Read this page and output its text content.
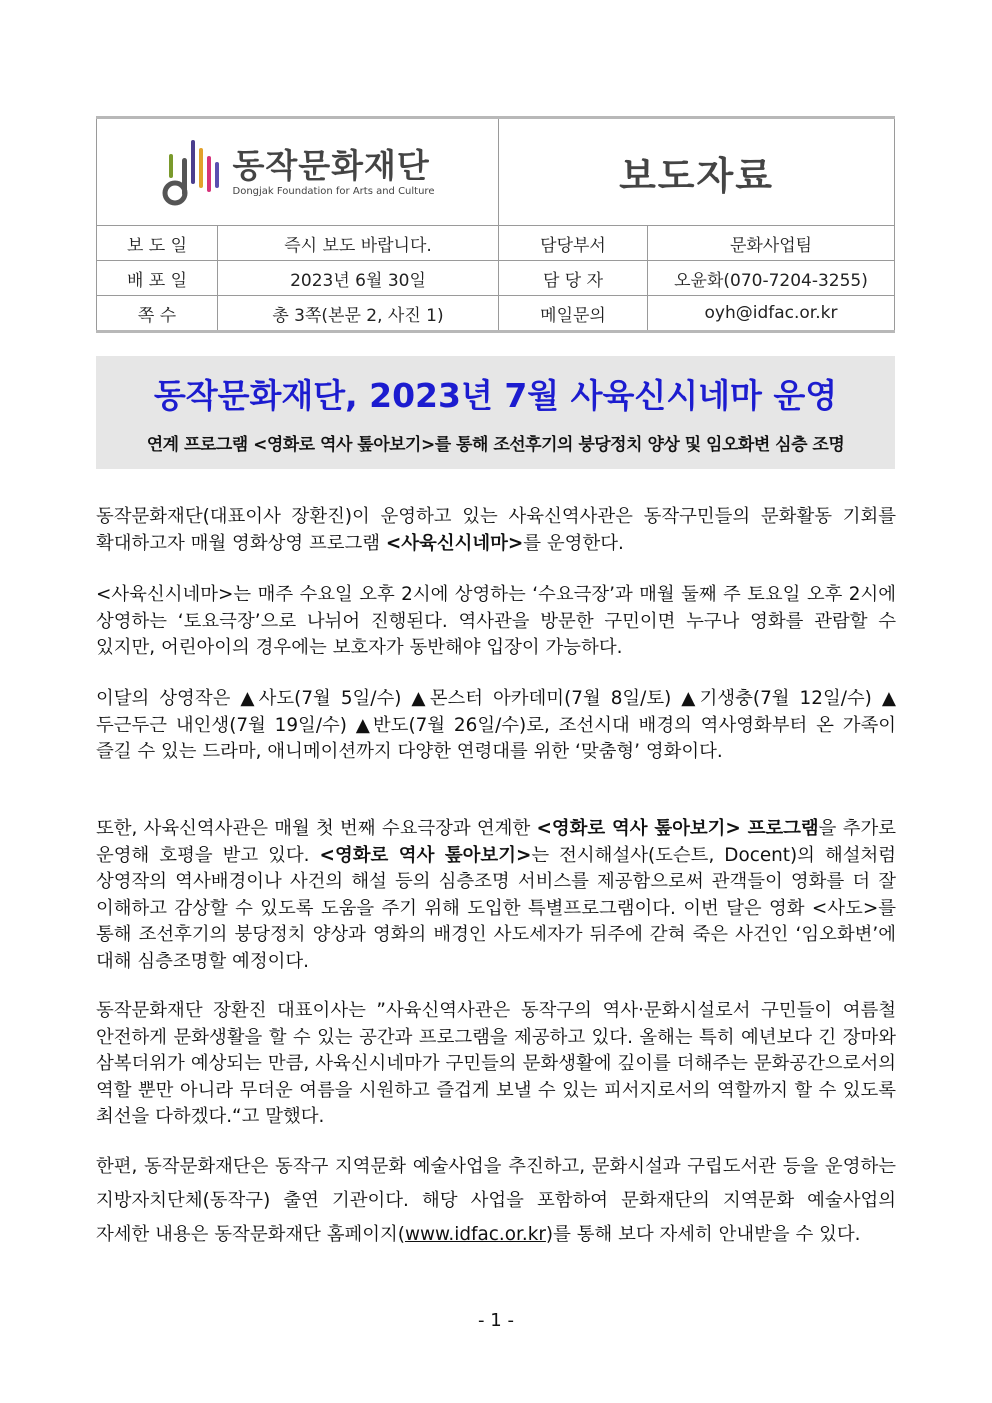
동작문화재단
Dongjak Foundation for Arts and Culture		보도자료	
보 도 일	즉시 보도 바랍니다.	담당부서	문화사업팀
배 포 일	2023년 6월 30일	담 당 자	오윤화(070-7204-3255)
쪽 수	총 3쪽(본문 2, 사진 1)	메일문의	oyh@idfac.or.kr
동작문화재단, 2023년 7월 사육신시네마 운영
연계 프로그램 <영화로 역사 톺아보기>를 통해 조선후기의 붕당정치 양상 및 임오화변 심층 조명
동작문화재단(대표이사 장환진)이 운영하고 있는 사육신역사관은 동작구민들의 문화활동 기회를 확대하고자 매월 영화상영 프로그램 <사육신시네마>를 운영한다.
<사육신시네마>는 매주 수요일 오후 2시에 상영하는 ‘수요극장’과 매월 둘째 주 토요일 오후 2시에 상영하는 ‘토요극장’으로 나뉘어 진행된다. 역사관을 방문한 구민이면 누구나 영화를 관람할 수 있지만, 어린아이의 경우에는 보호자가 동반해야 입장이 가능하다.
이달의 상영작은 ▲사도(7월 5일/수) ▲몬스터 아카데미(7월 8일/토) ▲기생충(7월 12일/수) ▲두근두근 내인생(7월 19일/수) ▲반도(7월 26일/수)로, 조선시대 배경의 역사영화부터 온 가족이 즐길 수 있는 드라마, 애니메이션까지 다양한 연령대를 위한 ‘맞춤형’ 영화이다.
또한, 사육신역사관은 매월 첫 번째 수요극장과 연계한 <영화로 역사 톺아보기> 프로그램을 추가로 운영해 호평을 받고 있다. <영화로 역사 톺아보기>는 전시해설사(도슨트, Docent)의 해설처럼 상영작의 역사배경이나 사건의 해설 등의 심층조명 서비스를 제공함으로써 관객들이 영화를 더 잘 이해하고 감상할 수 있도록 도움을 주기 위해 도입한 특별프로그램이다. 이번 달은 영화 <사도>를 통해 조선후기의 붕당정치 양상과 영화의 배경인 사도세자가 뒤주에 갇혀 죽은 사건인 ‘임오화변’에 대해 심층조명할 예정이다.
동작문화재단 장환진 대표이사는 ”사육신역사관은 동작구의 역사·문화시설로서 구민들이 여름철 안전하게 문화생활을 할 수 있는 공간과 프로그램을 제공하고 있다. 올해는 특히 예년보다 긴 장마와 삼복더위가 예상되는 만큼, 사육신시네마가 구민들의 문화생활에 깊이를 더해주는 문화공간으로서의 역할 뿐만 아니라 무더운 여름을 시원하고 즐겁게 보낼 수 있는 피서지로서의 역할까지 할 수 있도록 최선을 다하겠다.“고 말했다.
한편, 동작문화재단은 동작구 지역문화 예술사업을 추진하고, 문화시설과 구립도서관 등을 운영하는 지방자치단체(동작구) 출연 기관이다. 해당 사업을 포함하여 문화재단의 지역문화 예술사업의 자세한 내용은 동작문화재단 홈페이지(www.idfac.or.kr)를 통해 보다 자세히 안내받을 수 있다.
- 1 -
